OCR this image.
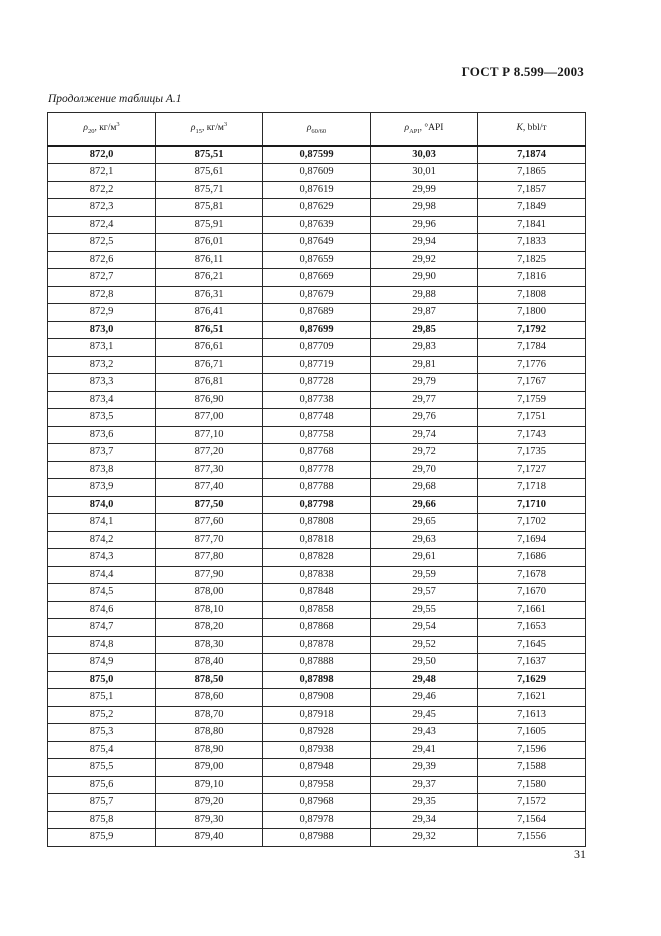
ГОСТ Р 8.599—2003
Продолжение таблицы А.1
$\rho_{20}$, $кг/м^3$	$\rho_{15}$, $кг/м^3$	$\rho_{60/60}$	$\rho_{API}$, °API	K, bbl/т
872,0	875,51	0,87599	30,03	7,1874
872,1	875,61	0,87609	30,01	7,1865
872,2	875,71	0,87619	29,99	7,1857
872,3	875,81	0,87629	29,98	7,1849
872,4	875,91	0,87639	29,96	7,1841
872,5	876,01	0,87649	29,94	7,1833
872,6	876,11	0,87659	29,92	7,1825
872,7	876,21	0,87669	29,90	7,1816
872,8	876,31	0,87679	29,88	7,1808
872,9	876,41	0,87689	29,87	7,1800
873,0	876,51	0,87699	29,85	7,1792
873,1	876,61	0,87709	29,83	7,1784
873,2	876,71	0,87719	29,81	7,1776
873,3	876,81	0,87728	29,79	7,1767
873,4	876,90	0,87738	29,77	7,1759
873,5	877,00	0,87748	29,76	7,1751
873,6	877,10	0,87758	29,74	7,1743
873,7	877,20	0,87768	29,72	7,1735
873,8	877,30	0,87778	29,70	7,1727
873,9	877,40	0,87788	29,68	7,1718
874,0	877,50	0,87798	29,66	7,1710
874,1	877,60	0,87808	29,65	7,1702
874,2	877,70	0,87818	29,63	7,1694
874,3	877,80	0,87828	29,61	7,1686
874,4	877,90	0,87838	29,59	7,1678
874,5	878,00	0,87848	29,57	7,1670
874,6	878,10	0,87858	29,55	7,1661
874,7	878,20	0,87868	29,54	7,1653
874,8	878,30	0,87878	29,52	7,1645
874,9	878,40	0,87888	29,50	7,1637
875,0	878,50	0,87898	29,48	7,1629
875,1	878,60	0,87908	29,46	7,1621
875,2	878,70	0,87918	29,45	7,1613
875,3	878,80	0,87928	29,43	7,1605
875,4	878,90	0,87938	29,41	7,1596
875,5	879,00	0,87948	29,39	7,1588
875,6	879,10	0,87958	29,37	7,1580
875,7	879,20	0,87968	29,35	7,1572
875,8	879,30	0,87978	29,34	7,1564
875,9	879,40	0,87988	29,32	7,1556
31
